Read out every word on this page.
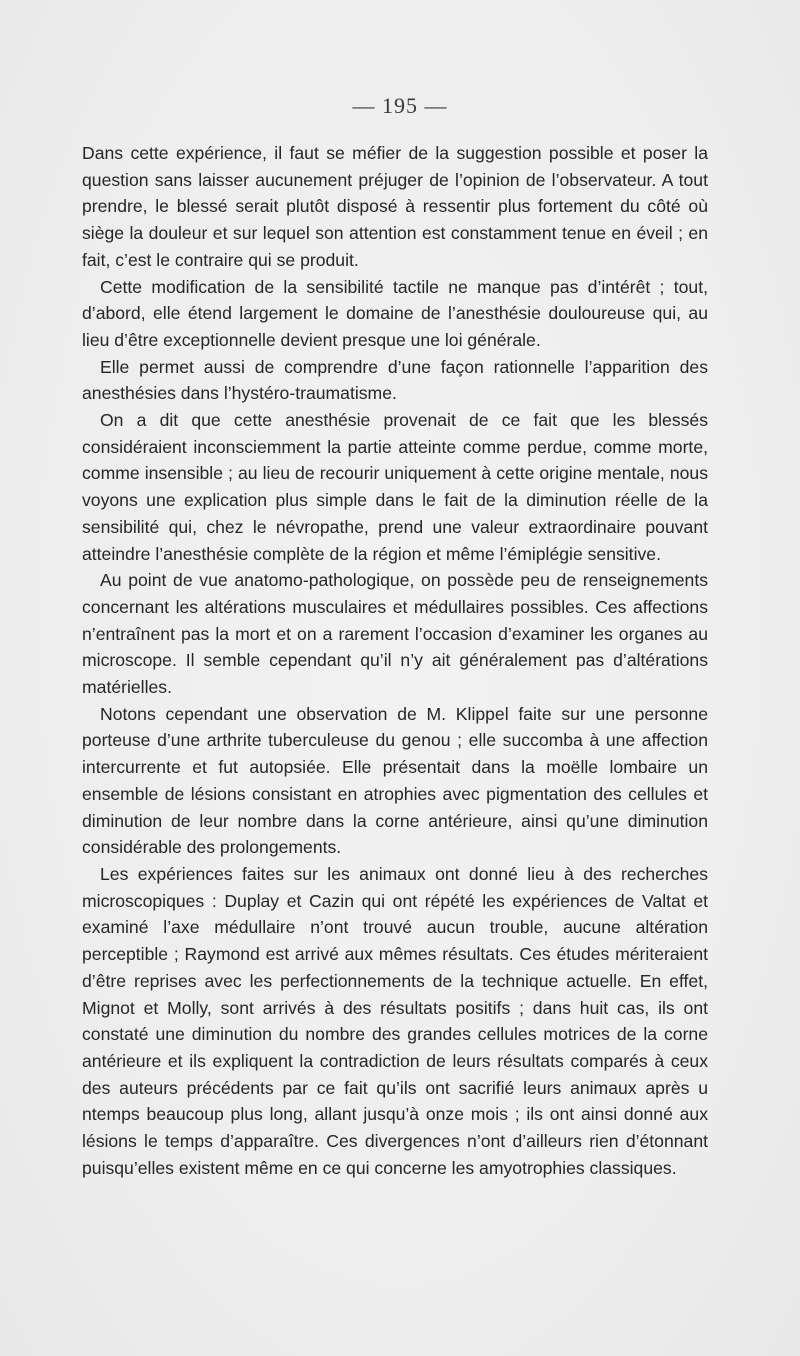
— 195 —

Dans cette expérience, il faut se méfier de la suggestion possible et poser la question sans laisser aucunement préjuger de l’opinion de l’observateur. A tout prendre, le blessé serait plutôt disposé à ressentir plus fortement du côté où siège la douleur et sur lequel son attention est constamment tenue en éveil ; en fait, c’est le contraire qui se produit.

Cette modification de la sensibilité tactile ne manque pas d’intérêt ; tout, d’abord, elle étend largement le domaine de l’anesthésie douloureuse qui, au lieu d’être exceptionnelle devient presque une loi générale.

Elle permet aussi de comprendre d’une façon rationnelle l’apparition des anesthésies dans l’hystéro-traumatisme.

On a dit que cette anesthésie provenait de ce fait que les blessés considéraient inconsciemment la partie atteinte comme perdue, comme morte, comme insensible ; au lieu de recourir uniquement à cette origine mentale, nous voyons une explication plus simple dans le fait de la diminution réelle de la sensibilité qui, chez le névropathe, prend une valeur extraordinaire pouvant atteindre l’anesthésie complète de la région et même l’émiplégie sensitive.

Au point de vue anatomo-pathologique, on possède peu de renseignements concernant les altérations musculaires et médullaires possibles. Ces affections n’entraînent pas la mort et on a rarement l’occasion d’examiner les organes au microscope. Il semble cependant qu’il n’y ait généralement pas d’altérations matérielles.

Notons cependant une observation de M. Klippel faite sur une personne porteuse d’une arthrite tuberculeuse du genou ; elle succomba à une affection intercurrente et fut autopsiée. Elle présentait dans la moëlle lombaire un ensemble de lésions consistant en atrophies avec pigmentation des cellules et diminution de leur nombre dans la corne antérieure, ainsi qu’une diminution considérable des prolongements.

Les expériences faites sur les animaux ont donné lieu à des recherches microscopiques : Duplay et Cazin qui ont répété les expériences de Valtat et examiné l’axe médullaire n’ont trouvé aucun trouble, aucune altération perceptible ; Raymond est arrivé aux mêmes résultats. Ces études mériteraient d’être reprises avec les perfectionnements de la technique actuelle. En effet, Mignot et Molly, sont arrivés à des résultats positifs ; dans huit cas, ils ont constaté une diminution du nombre des grandes cellules motrices de la corne antérieure et ils expliquent la contradiction de leurs résultats comparés à ceux des auteurs précédents par ce fait qu’ils ont sacrifié leurs animaux après u ntemps beaucoup plus long, allant jusqu’à onze mois ; ils ont ainsi donné aux lésions le temps d’apparaître. Ces divergences n’ont d’ailleurs rien d’étonnant puisqu’elles existent même en ce qui concerne les amyotrophies classiques.
